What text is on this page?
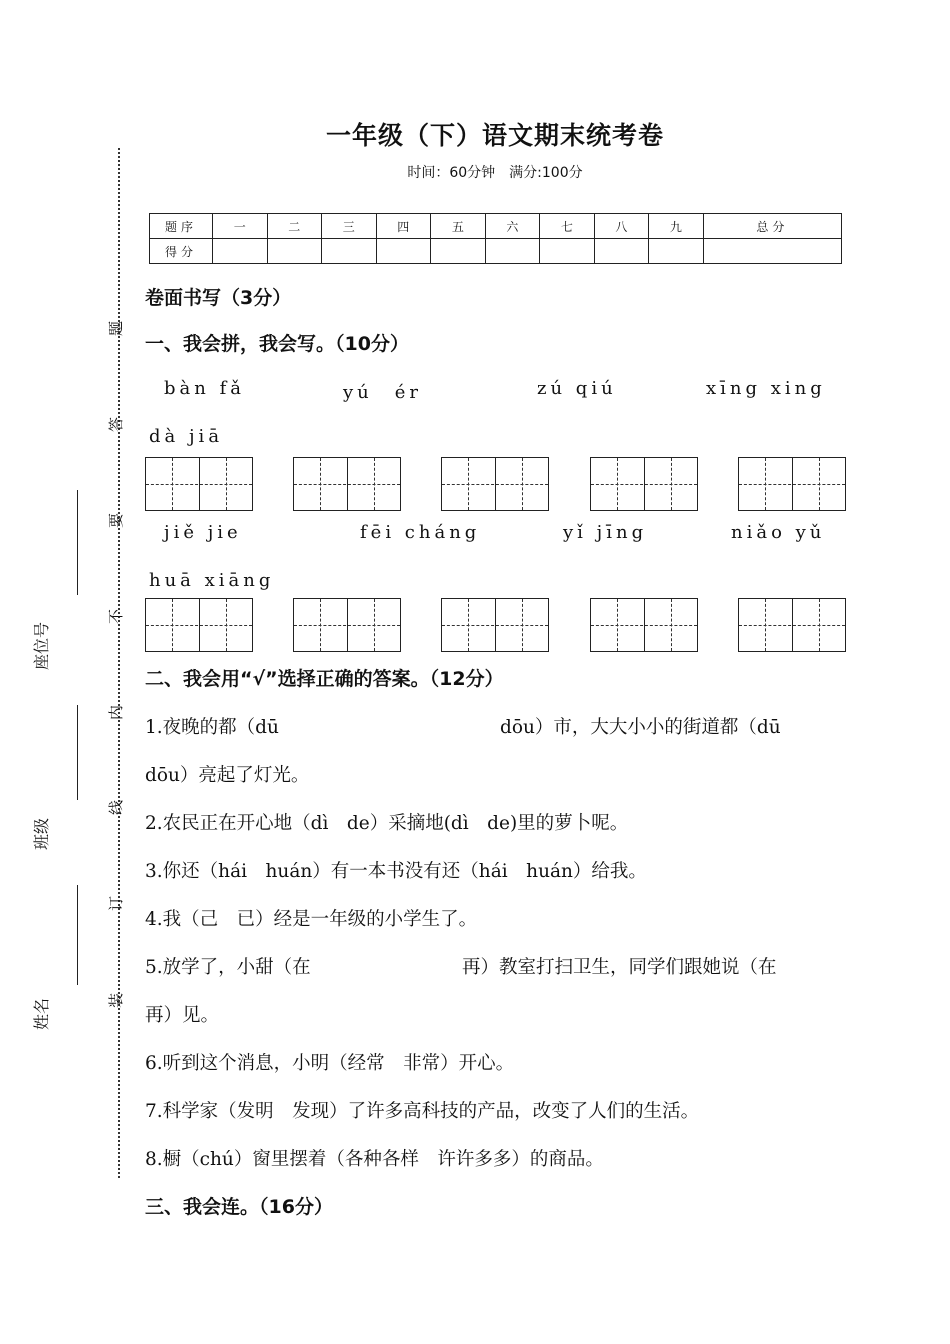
一年级（下）语文期末统考卷
时间：60分钟　满分:100分
题序	一	二	三	四	五	六	七	八	九	总分
得分										
题
答
要
不
内
线
订
装
座位号
班级
姓名
卷面书写（3分）
一、我会拼，我会写。（10分）
bàn fǎ	yú　ér	zú qiú	xīng xing
dà jiā
jiě jie	fēi cháng	yǐ jīng	niǎo yǔ
huā xiāng
二、我会用“√”选择正确的答案。（12分）
1.夜晚的都（dū	dōu）市，大大小小的街道都（dū
dōu）亮起了灯光。
2.农民正在开心地（dì　de）采摘地(dì　de)里的萝卜呢。
3.你还（hái　huán）有一本书没有还（hái　huán）给我。
4.我（己　已）经是一年级的小学生了。
5.放学了，小甜（在	再）教室打扫卫生，同学们跟她说（在
再）见。
6.听到这个消息，小明（经常　非常）开心。
7.科学家（发明　发现）了许多高科技的产品，改变了人们的生活。
8.橱（chú）窗里摆着（各种各样　许许多多）的商品。
三、我会连。（16分）
